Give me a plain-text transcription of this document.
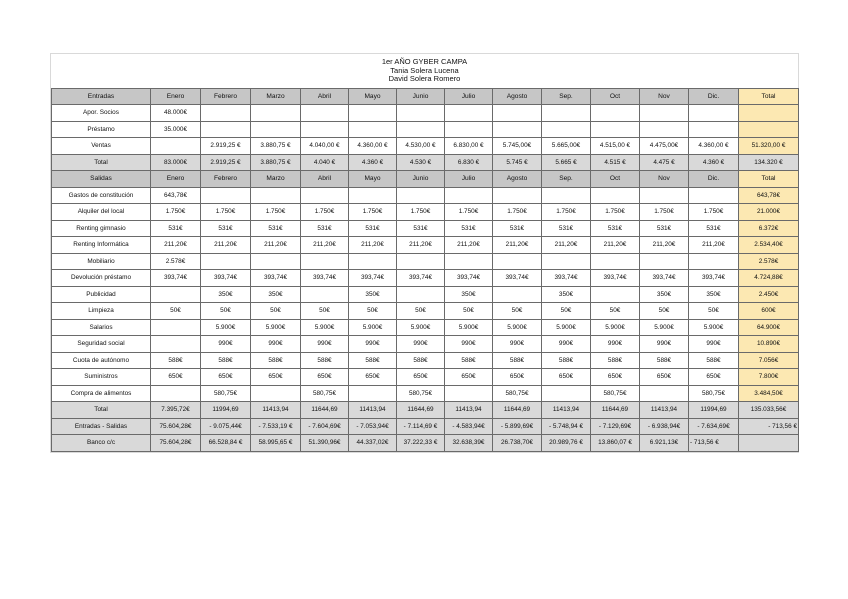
1er AÑO GYBER CAMPA
Tania Solera Lucena
David Solera Romero
Entradas	Enero	Febrero	Marzo	Abril	Mayo	Junio	Julio	Agosto	Sep.	Oct	Nov	Dic.	Total
Apor. Socios	48.000€												
Préstamo	35.000€												
Ventas		2.919,25 €	3.880,75 €	4.040,00 €	4.360,00 €	4.530,00 €	6.830,00 €	5.745,00€	5.665,00€	4.515,00 €	4.475,00€	4.360,00 €	51.320,00 €
Total	83.000€	2.919,25 €	3.880,75 €	4.040 €	4.360 €	4.530 €	6.830 €	5.745 €	5.665 €	4.515 €	4.475 €	4.360 €	134.320 €
Salidas	Enero	Febrero	Marzo	Abril	Mayo	Junio	Julio	Agosto	Sep.	Oct	Nov	Dic.	Total
Gastos de constitución	643,78€												643,78€
Alquiler del local	1.750€	1.750€	1.750€	1.750€	1.750€	1.750€	1.750€	1.750€	1.750€	1.750€	1.750€	1.750€	21.000€
Renting gimnasio	531€	531€	531€	531€	531€	531€	531€	531€	531€	531€	531€	531€	6.372€
Renting Informática	211,20€	211,20€	211,20€	211,20€	211,20€	211,20€	211,20€	211,20€	211,20€	211,20€	211,20€	211,20€	2.534,40€
Mobiliario	2.578€												2.578€
Devolución préstamo	393,74€	393,74€	393,74€	393,74€	393,74€	393,74€	393,74€	393,74€	393,74€	393,74€	393,74€	393,74€	4.724,88€
Publicidad		350€	350€		350€		350€		350€		350€	350€	2.450€
Limpieza	50€	50€	50€	50€	50€	50€	50€	50€	50€	50€	50€	50€	600€
Salarios		5.900€	5.900€	5.900€	5.900€	5.900€	5.900€	5.900€	5.900€	5.900€	5.900€	5.900€	64.900€
Seguridad social		990€	990€	990€	990€	990€	990€	990€	990€	990€	990€	990€	10.890€
Cuota de autónomo	588€	588€	588€	588€	588€	588€	588€	588€	588€	588€	588€	588€	7.056€
Suministros	650€	650€	650€	650€	650€	650€	650€	650€	650€	650€	650€	650€	7.800€
Compra de alimentos		580,75€		580,75€		580,75€		580,75€		580,75€		580,75€	3.484,50€
Total	7.395,72€	11994,69	11413,94	11644,69	11413,94	11644,69	11413,94	11644,69	11413,94	11644,69	11413,94	11994,69	135.033,56€
Entradas - Salidas	75.604,28€	- 9.075,44€	- 7.533,19 €	- 7.604,69€	- 7.053,94€	- 7.114,69 €	- 4.583,94€	- 5.899,69€	- 5.748,94 €	- 7.129,69€	- 6.938,94€	- 7.634,69€	- 713,56 €
Banco c/c	75.604,28€	66.528,84 €	58.995,65 €	51.390,96€	44.337,02€	37.222,33 €	32.638,39€	26.738,70€	20.989,76 €	13.860,07 €	6.921,13€	- 713,56 €	
